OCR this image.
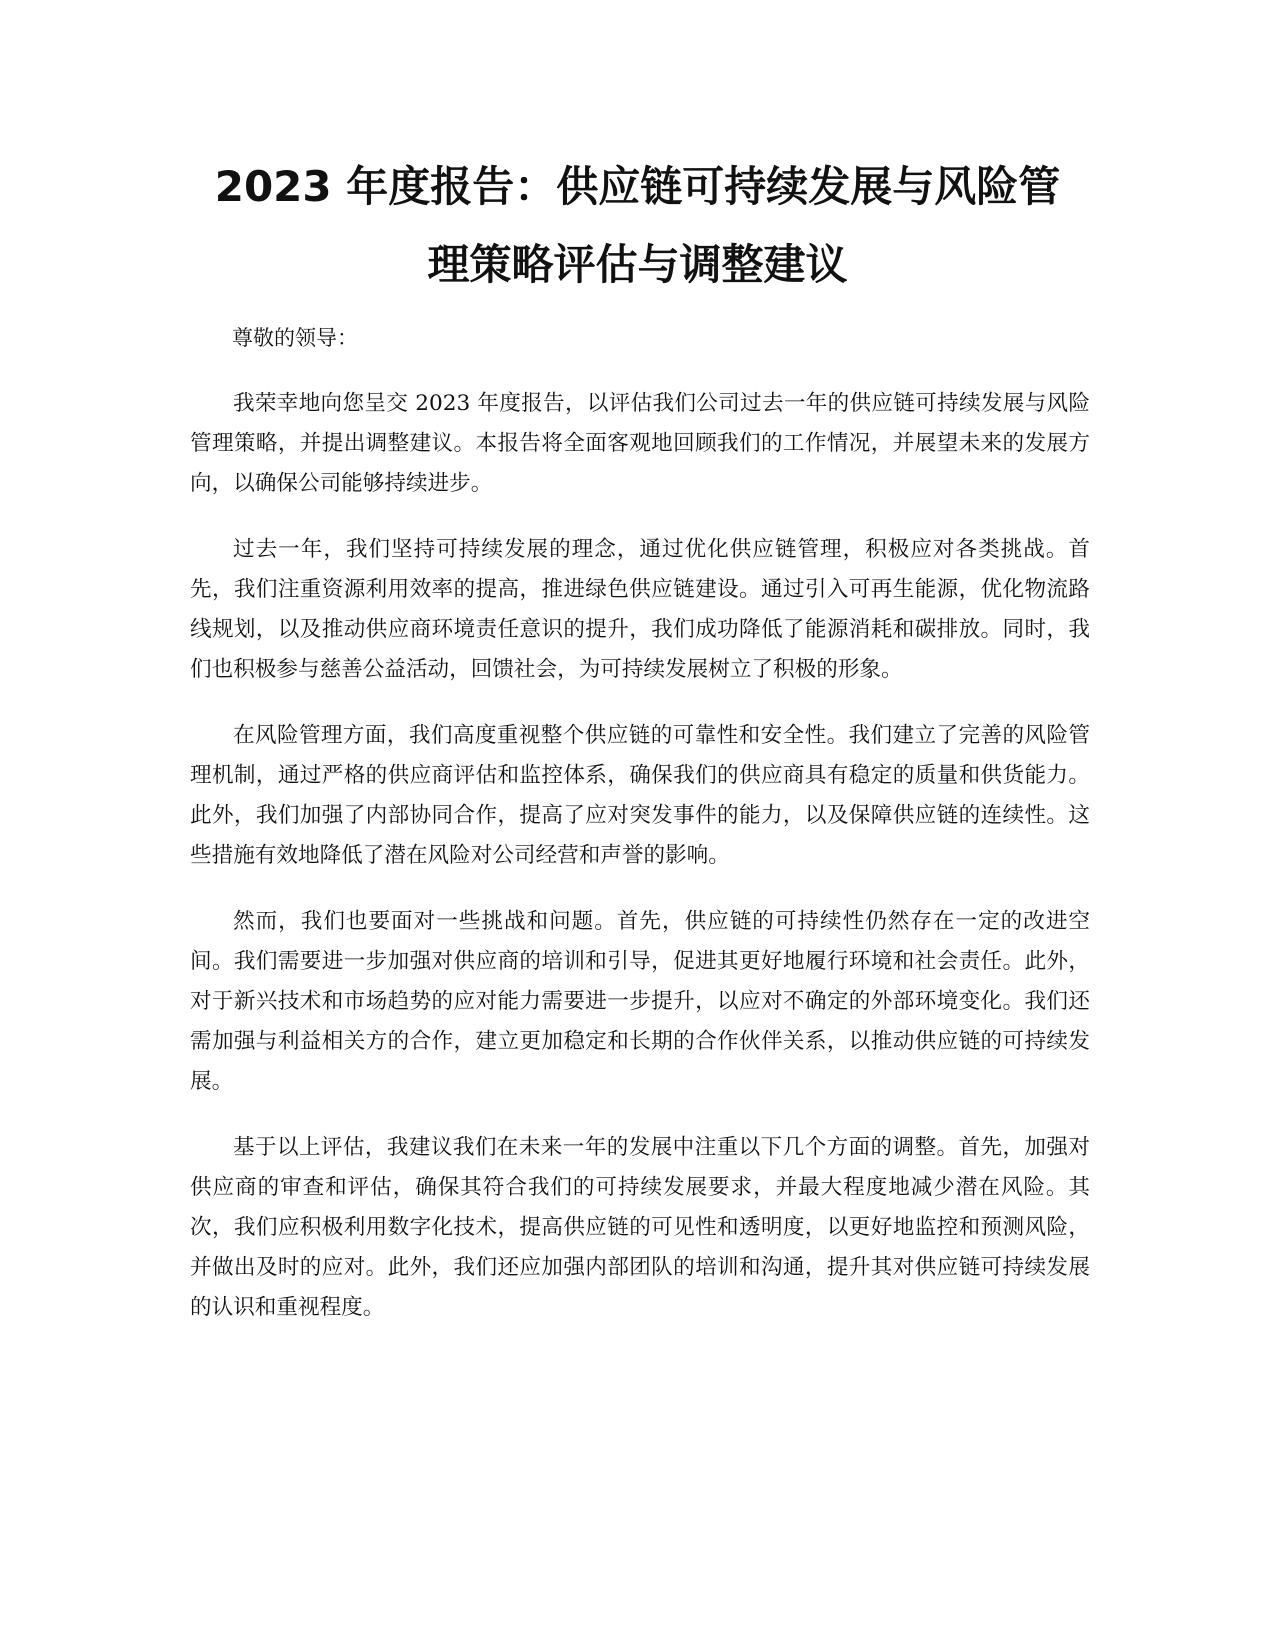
2023 年度报告：供应链可持续发展与风险管
理策略评估与调整建议

尊敬的领导：

我荣幸地向您呈交 2023 年度报告，以评估我们公司过去一年的供应链可持续发展与风险管理策略，并提出调整建议。本报告将全面客观地回顾我们的工作情况，并展望未来的发展方向，以确保公司能够持续进步。

过去一年，我们坚持可持续发展的理念，通过优化供应链管理，积极应对各类挑战。首先，我们注重资源利用效率的提高，推进绿色供应链建设。通过引入可再生能源，优化物流路线规划，以及推动供应商环境责任意识的提升，我们成功降低了能源消耗和碳排放。同时，我们也积极参与慈善公益活动，回馈社会，为可持续发展树立了积极的形象。

在风险管理方面，我们高度重视整个供应链的可靠性和安全性。我们建立了完善的风险管理机制，通过严格的供应商评估和监控体系，确保我们的供应商具有稳定的质量和供货能力。此外，我们加强了内部协同合作，提高了应对突发事件的能力，以及保障供应链的连续性。这些措施有效地降低了潜在风险对公司经营和声誉的影响。

然而，我们也要面对一些挑战和问题。首先，供应链的可持续性仍然存在一定的改进空间。我们需要进一步加强对供应商的培训和引导，促进其更好地履行环境和社会责任。此外，对于新兴技术和市场趋势的应对能力需要进一步提升，以应对不确定的外部环境变化。我们还需加强与利益相关方的合作，建立更加稳定和长期的合作伙伴关系，以推动供应链的可持续发展。

基于以上评估，我建议我们在未来一年的发展中注重以下几个方面的调整。首先，加强对供应商的审查和评估，确保其符合我们的可持续发展要求，并最大程度地减少潜在风险。其次，我们应积极利用数字化技术，提高供应链的可见性和透明度，以更好地监控和预测风险，并做出及时的应对。此外，我们还应加强内部团队的培训和沟通，提升其对供应链可持续发展的认识和重视程度。
